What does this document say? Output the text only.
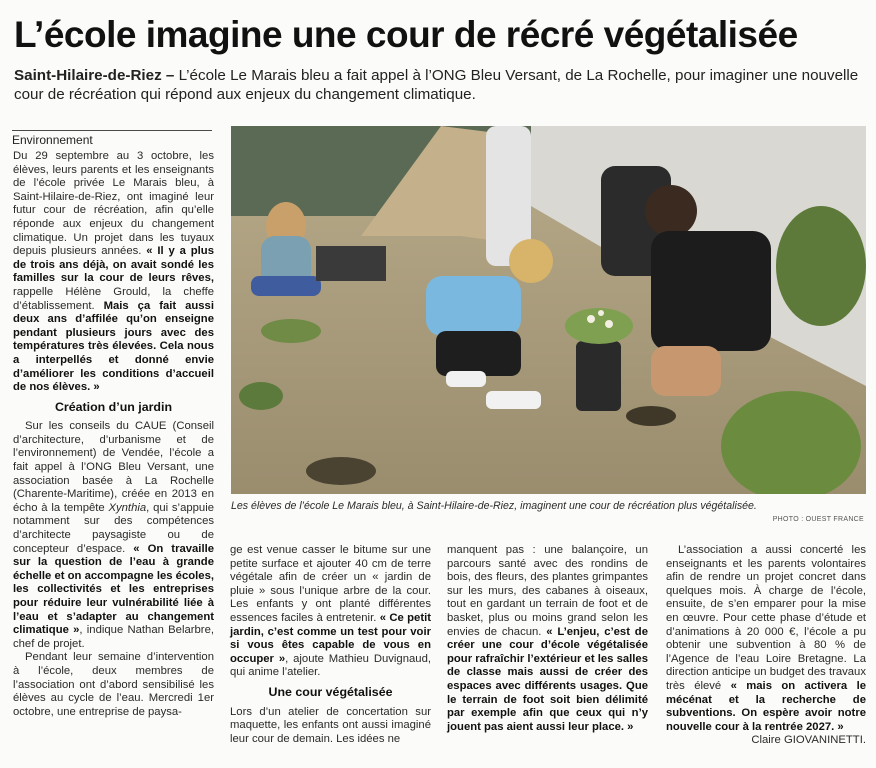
L’école imagine une cour de récré végétalisée

Saint-Hilaire-de-Riez – L’école Le Marais bleu a fait appel à l’ONG Bleu Versant, de La Rochelle, pour imaginer une nouvelle cour de récréation qui répond aux enjeux du changement climatique.

Environnement

Du 29 septembre au 3 octobre, les élèves, leurs parents et les enseignants de l’école privée Le Marais bleu, à Saint-Hilaire-de-Riez, ont imaginé leur futur cour de récréation, afin qu’elle réponde aux enjeux du changement climatique. Un projet dans les tuyaux depuis plusieurs années. « Il y a plus de trois ans déjà, on avait sondé les familles sur la cour de leurs rêves, rappelle Hélène Grould, la cheffe d’établissement. Mais ça fait aussi deux ans d’affilée qu’on enseigne pendant plusieurs jours avec des températures très élevées. Cela nous a interpellés et donné envie d’améliorer les conditions d’accueil de nos élèves. »

Création d’un jardin

Sur les conseils du CAUE (Conseil d’architecture, d’urbanisme et de l’environnement) de Vendée, l’école a fait appel à l’ONG Bleu Versant, une association basée à La Rochelle (Charente-Maritime), créée en 2013 en écho à la tempête Xynthia, qui s’appuie notamment sur des compétences d’architecte paysagiste ou de concepteur d’espace. « On travaille sur la question de l’eau à grande échelle et on accompagne les écoles, les collectivités et les entreprises pour réduire leur vulnérabilité liée à l’eau et s’adapter au changement climatique », indique Nathan Belarbre, chef de projet.

Pendant leur semaine d’intervention à l’école, deux membres de l’association ont d’abord sensibilisé les élèves au cycle de l’eau. Mercredi 1er octobre, une entreprise de paysa-

Les élèves de l’école Le Marais bleu, à Saint-Hilaire-de-Riez, imaginent une cour de récréation plus végétalisée.
PHOTO : OUEST FRANCE

ge est venue casser le bitume sur une petite surface et ajouter 40 cm de terre végétale afin de créer un « jardin de pluie » sous l’unique arbre de la cour. Les enfants y ont planté différentes essences faciles à entretenir. « Ce petit jardin, c’est comme un test pour voir si vous êtes capable de vous en occuper », ajoute Mathieu Duvignaud, qui anime l’atelier.

Une cour végétalisée

Lors d’un atelier de concertation sur maquette, les enfants ont aussi imaginé leur cour de demain. Les idées ne

manquent pas : une balançoire, un parcours santé avec des rondins de bois, des fleurs, des plantes grimpantes sur les murs, des cabanes à oiseaux, tout en gardant un terrain de foot et de basket, plus ou moins grand selon les envies de chacun. « L’enjeu, c’est de créer une cour d’école végétalisée pour rafraîchir l’extérieur et les salles de classe mais aussi de créer des espaces avec différents usages. Que le terrain de foot soit bien délimité par exemple afin que ceux qui n’y jouent pas aient aussi leur place. »

L’association a aussi concerté les enseignants et les parents volontaires afin de rendre un projet concret dans quelques mois. À charge de l’école, ensuite, de s’en emparer pour la mise en œuvre. Pour cette phase d’étude et d’animations à 20 000 €, l’école a pu obtenir une subvention à 80 % de l’Agence de l’eau Loire Bretagne. La direction anticipe un budget des travaux très élevé « mais on activera le mécénat et la recherche de subventions. On espère avoir notre nouvelle cour à la rentrée 2027. »

Claire GIOVANINETTI.
